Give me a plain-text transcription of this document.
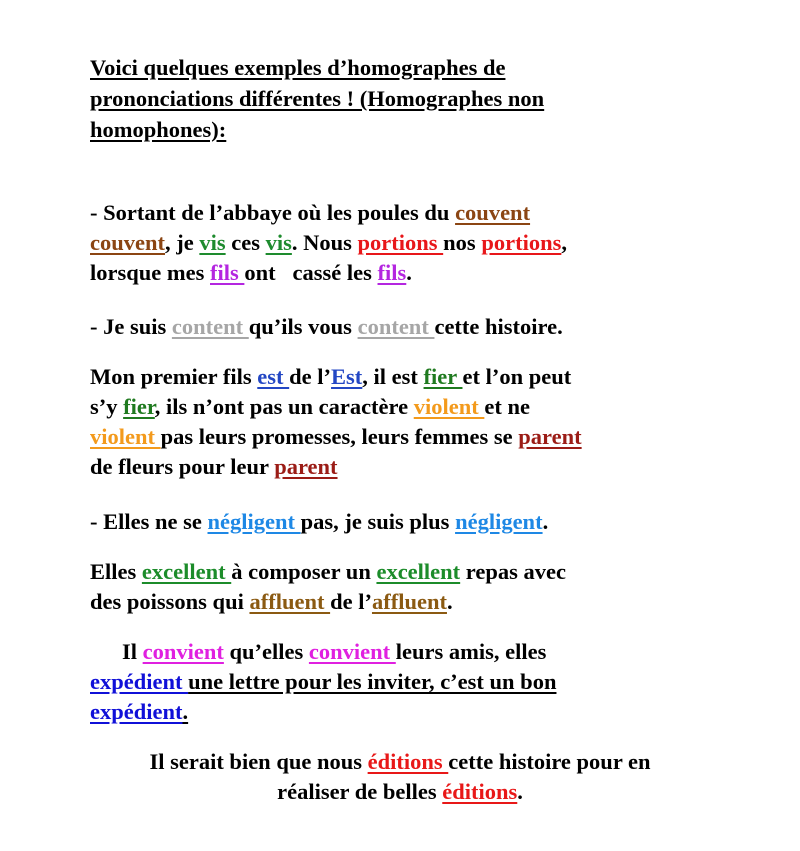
Voici quelques exemples d’homographes de prononciations différentes ! (Homographes non homophones):

- Sortant de l’abbaye où les poules du couvent
couvent, je vis ces vis. Nous portions nos portions,
lorsque mes fils ont   cassé les fils.

- Je suis content qu’ils vous content cette histoire.

Mon premier fils est de l’Est, il est fier et l’on peut
s’y fier, ils n’ont pas un caractère violent et ne
violent pas leurs promesses, leurs femmes se parent
de fleurs pour leur parent

- Elles ne se négligent pas, je suis plus négligent.

Elles excellent à composer un excellent repas avec
des poissons qui affluent de l’affluent.

Il convient qu’elles convient leurs amis, elles
expédient une lettre pour les inviter, c’est un bon
expédient.

Il serait bien que nous éditions cette histoire pour en
réaliser de belles éditions.
